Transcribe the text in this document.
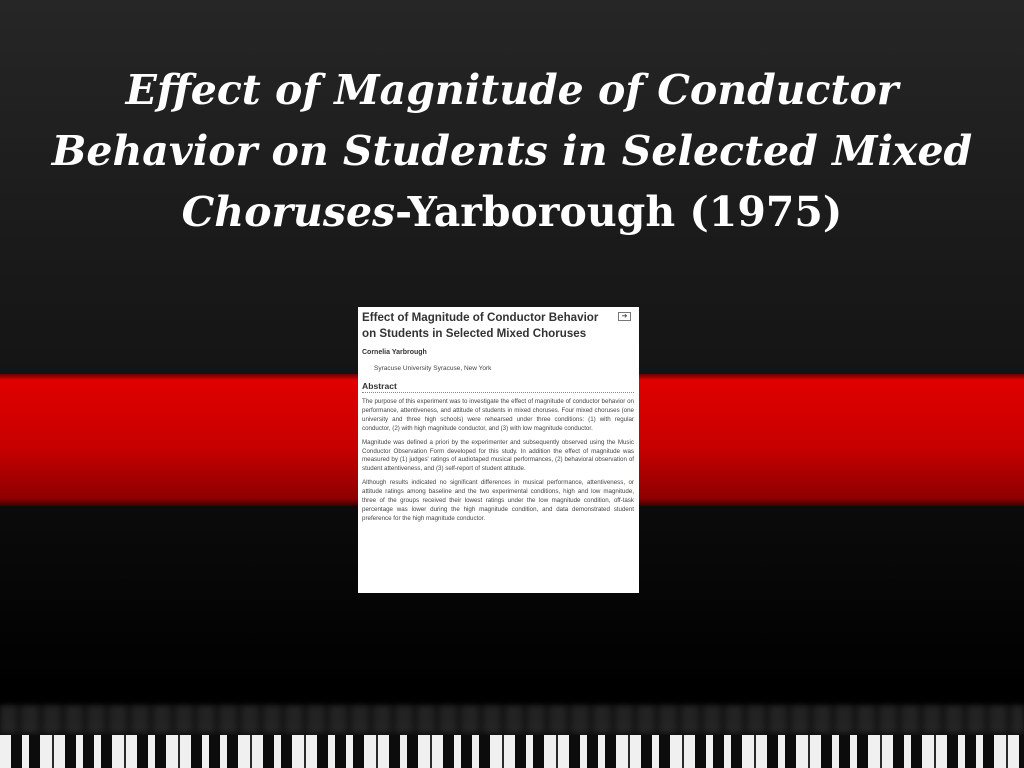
Effect of Magnitude of Conductor Behavior on Students in Selected Mixed Choruses-Yarborough (1975)

Effect of Magnitude of Conductor Behavior on Students in Selected Mixed Choruses

➔
Cornelia Yarbrough
Syracuse University Syracuse, New York
Abstract

The purpose of this experiment was to investigate the effect of magnitude of conductor behavior on performance, attentiveness, and attitude of students in mixed choruses. Four mixed choruses (one university and three high schools) were rehearsed under three conditions: (1) with regular conductor, (2) with high magnitude conductor, and (3) with low magnitude conductor.

Magnitude was defined a priori by the experimenter and subsequently observed using the Music Conductor Observation Form developed for this study. In addition the effect of magnitude was measured by (1) judges' ratings of audiotaped musical performances, (2) behavioral observation of student attentiveness, and (3) self-report of student attitude.

Although results indicated no significant differences in musical performance, attentiveness, or attitude ratings among baseline and the two experimental conditions, high and low magnitude, three of the groups received their lowest ratings under the low magnitude condition, off-task percentage was lower during the high magnitude condition, and data demonstrated student preference for the high magnitude conductor.
